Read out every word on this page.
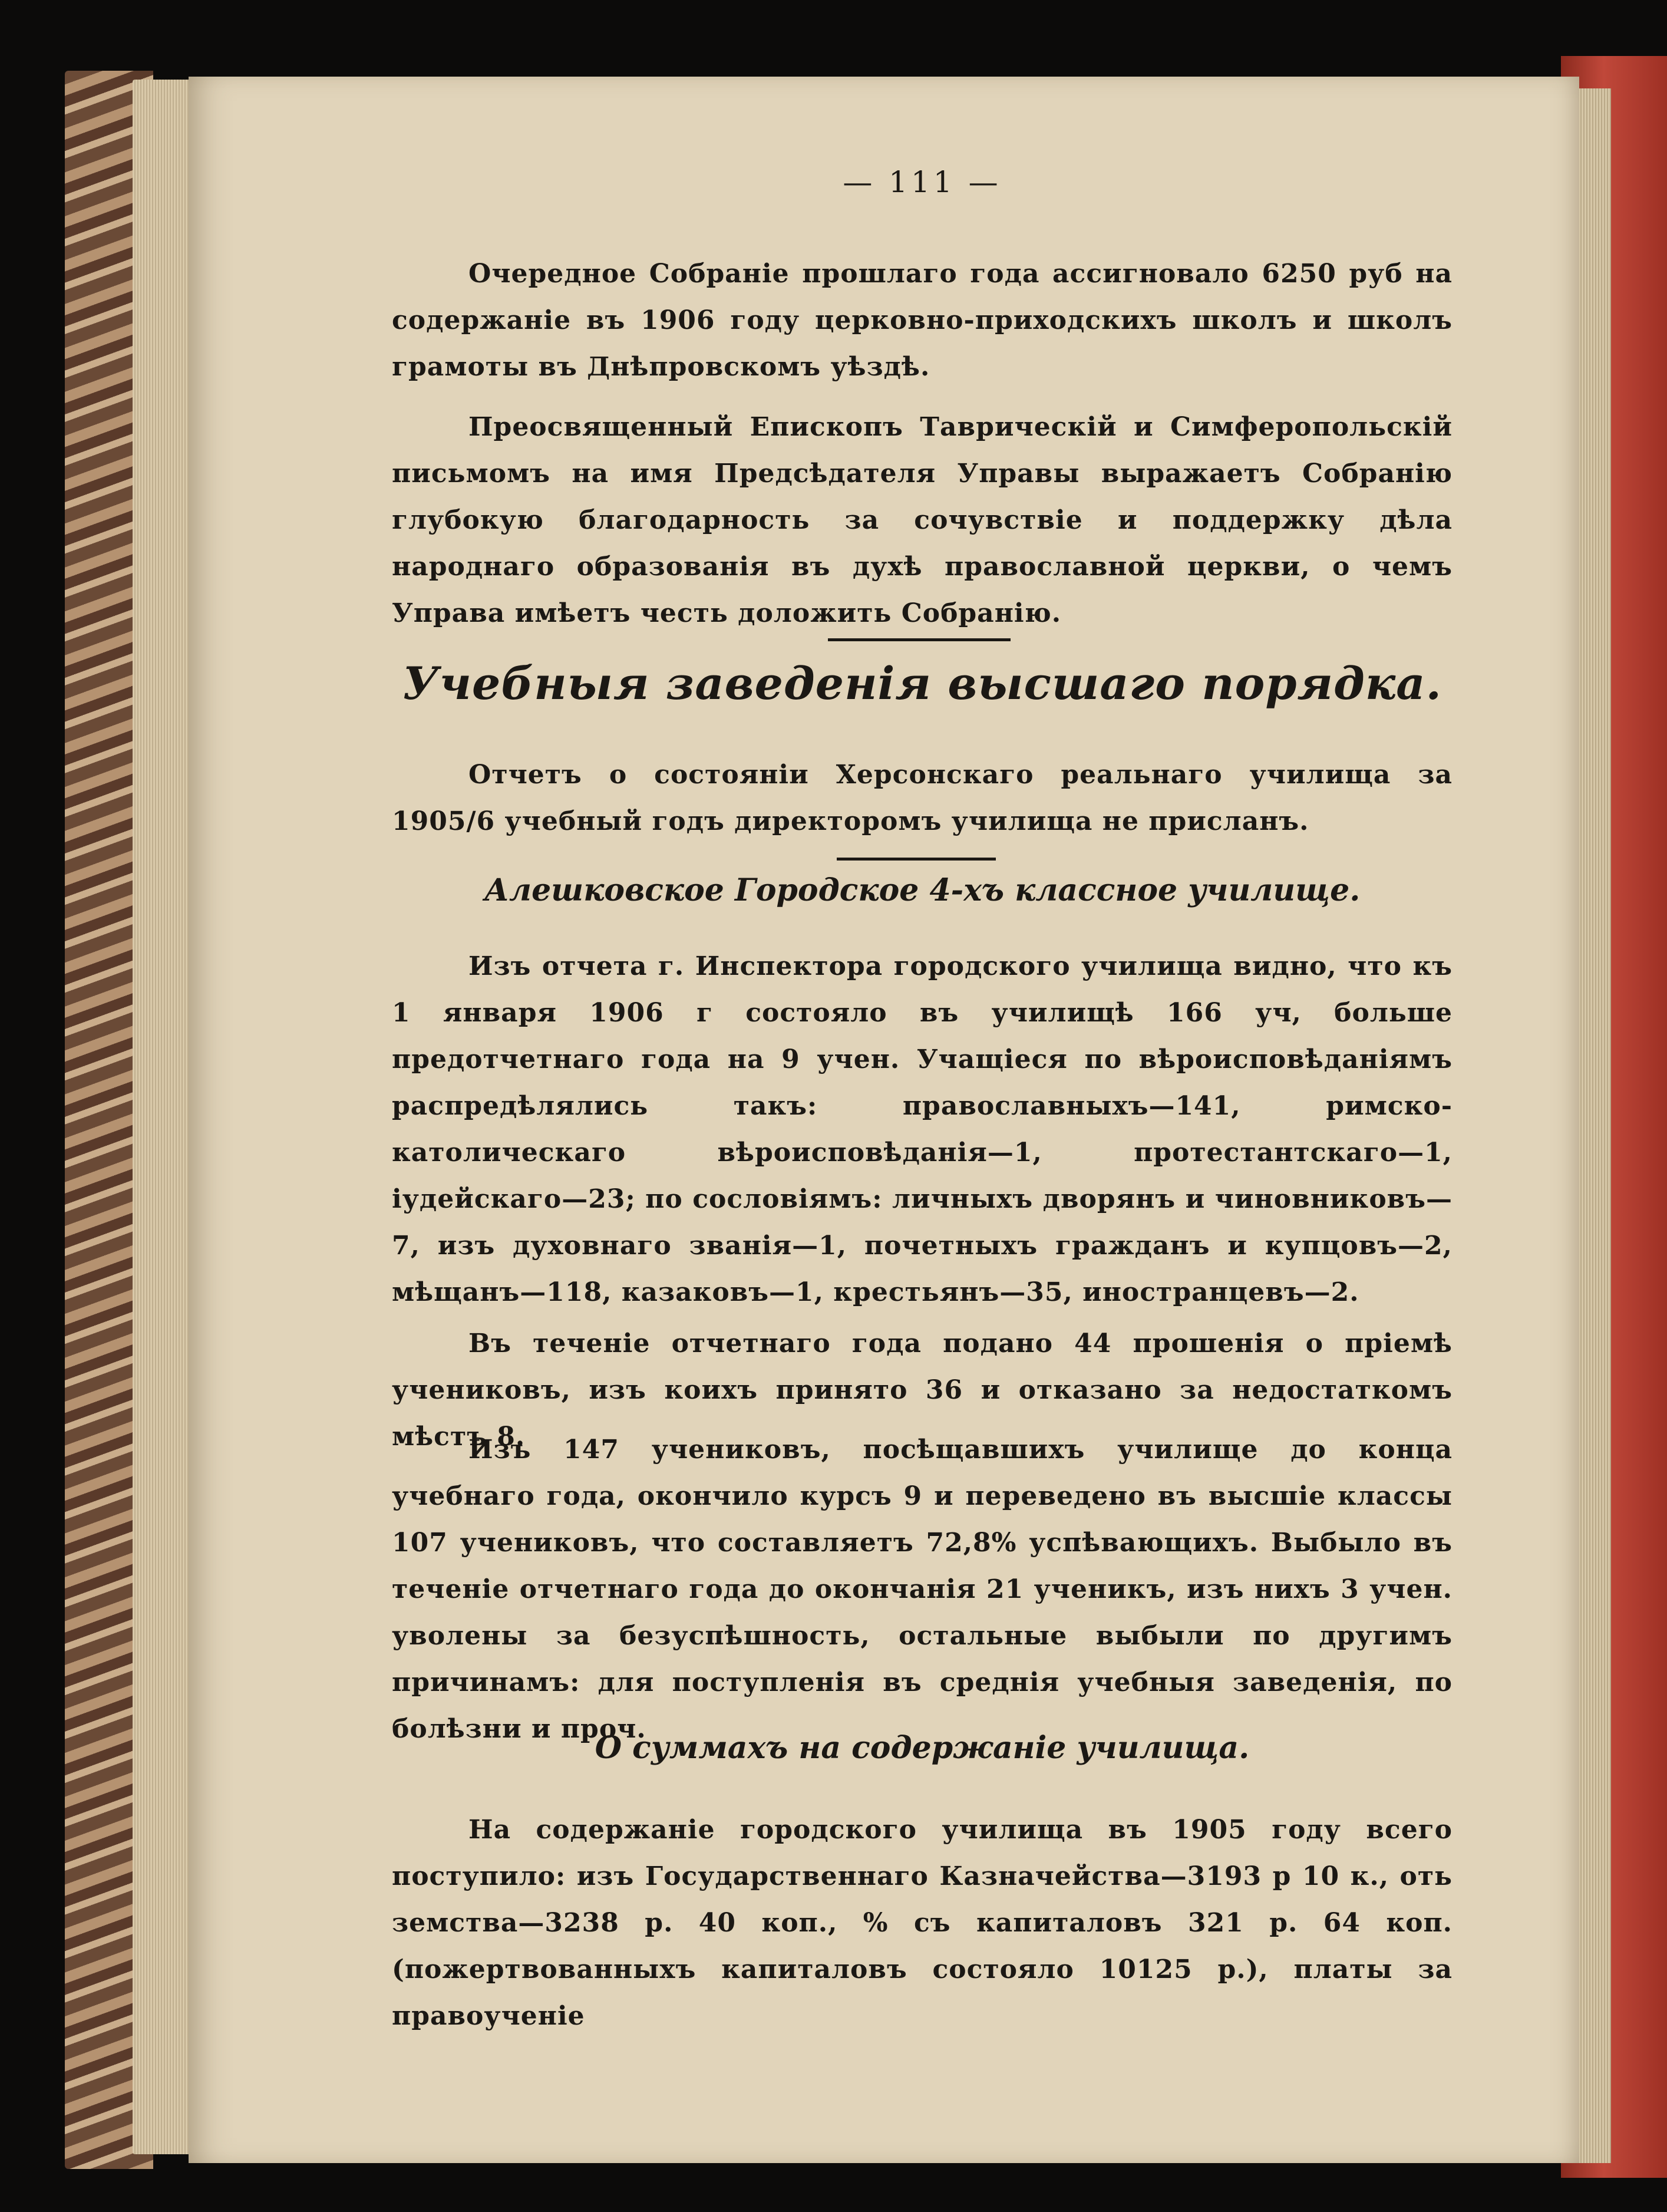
— 111 —

Очередное Собраніе прошлаго года ассигновало 6250 руб на содержаніе въ 1906 году церковно-приходскихъ школъ и школъ грамоты въ Днѣпровскомъ уѣздѣ.

Преосвященный Епископъ Таврическій и Симферопольскій письмомъ на имя Предсѣдателя Управы выражаетъ Собранію глубокую благодарность за сочувствіе и поддержку дѣла народнаго образованія въ духѣ православной церкви, о чемъ Управа имѣетъ честь доложить Собранію.

Учебныя заведенія высшаго порядка.

Отчетъ о состояніи Херсонскаго реальнаго училища за 1905/6 учебный годъ директоромъ училища не присланъ.

Алешковское Городское 4-хъ классное училище.

Изъ отчета г. Инспектора городского училища видно, что къ 1 января 1906 г состояло въ училищѣ 166 уч, больше предотчетнаго года на 9 учен. Учащіеся по вѣроисповѣданіямъ распредѣлялись такъ: православныхъ—141, римско-католическаго вѣроисповѣданія—1, протестантскаго—1, іудейскаго—23; по сословіямъ: личныхъ дворянъ и чиновниковъ—7, изъ духовнаго званія—1, почетныхъ гражданъ и купцовъ—2, мѣщанъ—118, казаковъ—1, крестьянъ—35, иностранцевъ—2.

Въ теченіе отчетнаго года подано 44 прошенія о пріемѣ учениковъ, изъ коихъ принято 36 и отказано за недостаткомъ мѣстъ 8.

Изъ 147 учениковъ, посѣщавшихъ училище до конца учебнаго года, окончило курсъ 9 и переведено въ высшіе классы 107 учениковъ, что составляетъ 72,8% успѣвающихъ. Выбыло въ теченіе отчетнаго года до окончанія 21 ученикъ, изъ нихъ 3 учен. уволены за безуспѣшность, остальные выбыли по другимъ причинамъ: для поступленія въ среднія учебныя заведенія, по болѣзни и проч.

О суммахъ на содержаніе училища.

На содержаніе городского училища въ 1905 году всего поступило: изъ Государственнаго Казначейства—3193 р 10 к., оть земства—3238 р. 40 коп., % съ капиталовъ 321 р. 64 коп. (пожертвованныхъ капиталовъ состояло 10125 р.), платы за правоученіе
